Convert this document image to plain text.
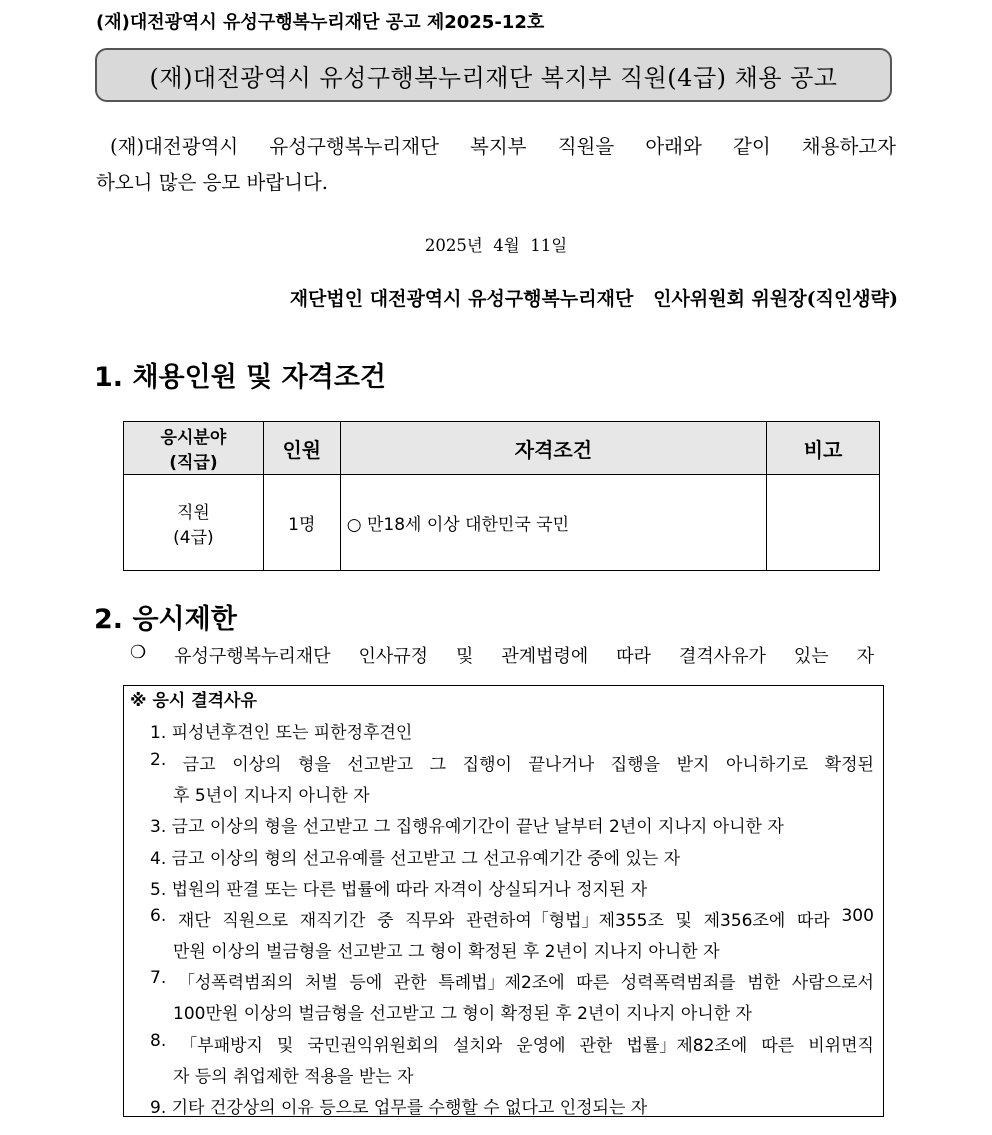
(재)대전광역시 유성구행복누리재단 공고 제2025-12호
(재)대전광역시 유성구행복누리재단 복지부 직원(4급) 채용 공고
(재)대전광역시 유성구행복누리재단 복지부 직원을 아래와 같이 채용하고자
하오니 많은 응모 바랍니다.
2025년  4월  11일
재단법인 대전광역시 유성구행복누리재단   인사위원회 위원장(직인생략)
1. 채용인원 및 자격조건
응시분야
(직급)	인원	자격조건	비고

직원
(4급)	1명	○ 만18세 이상 대한민국 국민	
2. 응시제한
❍ 유성구행복누리재단 인사규정 및 관계법령에 따라 결격사유가 있는 자
※ 응시 결격사유
1. 피성년후견인 또는 피한정후견인
2. 금고 이상의 형을 선고받고 그 집행이 끝나거나 집행을 받지 아니하기로 확정된
후 5년이 지나지 아니한 자
3. 금고 이상의 형을 선고받고 그 집행유예기간이 끝난 날부터 2년이 지나지 아니한 자
4. 금고 이상의 형의 선고유예를 선고받고 그 선고유예기간 중에 있는 자
5. 법원의 판결 또는 다른 법률에 따라 자격이 상실되거나 정지된 자
6. 재단 직원으로 재직기간 중 직무와 관련하여「형법」제355조 및 제356조에 따라 300
만원 이상의 벌금형을 선고받고 그 형이 확정된 후 2년이 지나지 아니한 자
7. 「성폭력범죄의 처벌 등에 관한 특례법」제2조에 따른 성력폭력범죄를 범한 사람으로서
100만원 이상의 벌금형을 선고받고 그 형이 확정된 후 2년이 지나지 아니한 자
8. 「부패방지 및 국민권익위원회의 설치와 운영에 관한 법률」제82조에 따른 비위면직
자 등의 취업제한 적용을 받는 자
9. 기타 건강상의 이유 등으로 업무를 수행할 수 없다고 인정되는 자
